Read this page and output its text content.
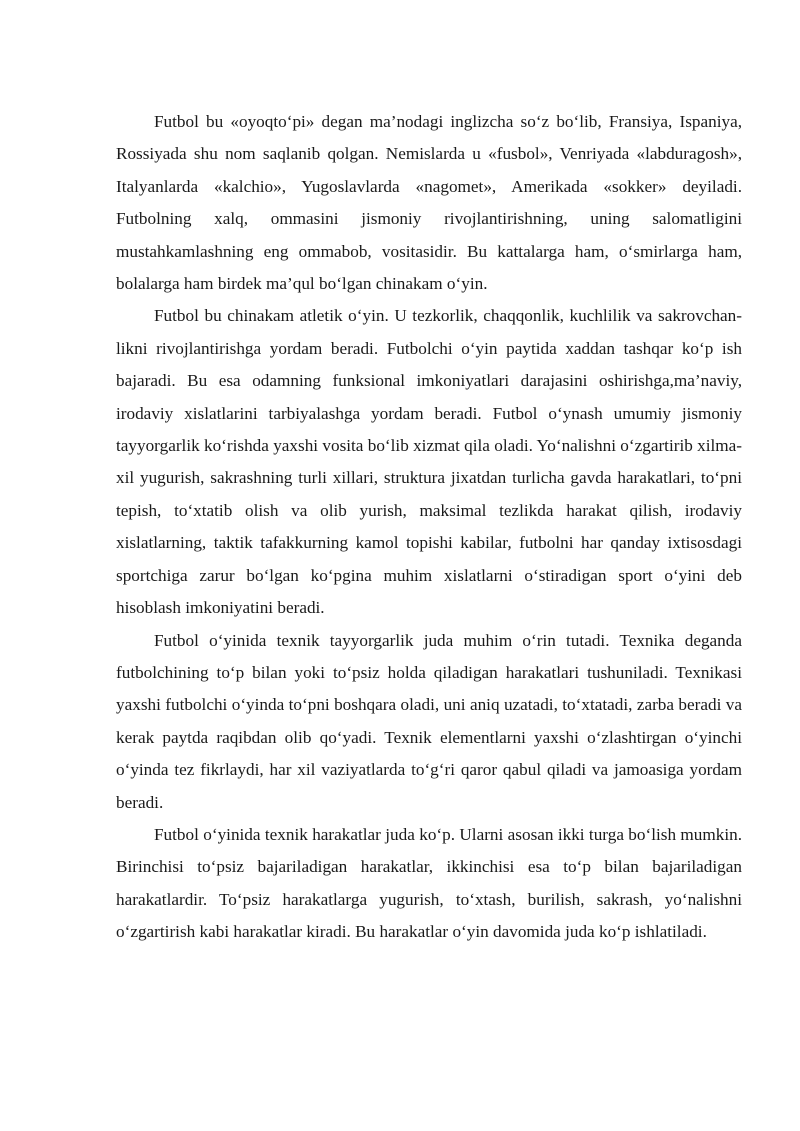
Futbol bu «oyoqto‘pi» degan ma’nodagi inglizcha so‘z bo‘lib, Fransiya, Ispaniya, Rossiyada shu nom saqlanib qolgan. Nemislarda u «fusbol», Venriyada «labduragosh», Italyanlarda «kalchio», Yugoslavlarda «nagomet», Amerikada «sokker» deyiladi. Futbolning xalq, ommasini jismoniy rivojlantirishning, uning salomatligini mustahkamlashning eng ommabob, vositasidir. Bu kattalarga ham, o‘smirlarga ham, bolalarga ham birdek ma’qul bo‘lgan chinakam o‘yin.

Futbol bu chinakam atletik o‘yin. U tezkorlik, chaqqonlik, kuchlilik va sakrovchan-likni rivojlantirishga yordam beradi. Futbolchi o‘yin paytida xaddan tashqar ko‘p ish bajaradi. Bu esa odamning funksional imkoniyatlari darajasini oshirishga,ma’naviy, irodaviy xislatlarini tarbiyalashga yordam beradi. Futbol o‘ynash umumiy jismoniy tayyorgarlik ko‘rishda yaxshi vosita bo‘lib xizmat qila oladi. Yo‘nalishni o‘zgartirib xilma-xil yugurish, sakrashning turli xillari, struktura jixatdan turlicha gavda harakatlari, to‘pni tepish, to‘xtatib olish va olib yurish, maksimal tezlikda harakat qilish, irodaviy xislatlarning, taktik tafakkurning kamol topishi kabilar, futbolni har qanday ixtisosdagi sportchiga zarur bo‘lgan ko‘pgina muhim xislatlarni o‘stiradigan sport o‘yini deb hisoblash imkoniyatini beradi.

Futbol o‘yinida texnik tayyorgarlik juda muhim o‘rin tutadi. Texnika deganda futbolchining to‘p bilan yoki to‘psiz holda qiladigan harakatlari tushuniladi. Texnikasi yaxshi futbolchi o‘yinda to‘pni boshqara oladi, uni aniq uzatadi, to‘xtatadi, zarba beradi va kerak paytda raqibdan olib qo‘yadi. Texnik elementlarni yaxshi o‘zlashtirgan o‘yinchi o‘yinda tez fikrlaydi, har xil vaziyatlarda to‘g‘ri qaror qabul qiladi va jamoasiga yordam beradi.

Futbol o‘yinida texnik harakatlar juda ko‘p. Ularni asosan ikki turga bo‘lish mumkin. Birinchisi to‘psiz bajariladigan harakatlar, ikkinchisi esa to‘p bilan bajariladigan harakatlardir. To‘psiz harakatlarga yugurish, to‘xtash, burilish, sakrash, yo‘nalishni o‘zgartirish kabi harakatlar kiradi. Bu harakatlar o‘yin davomida juda ko‘p ishlatiladi.
